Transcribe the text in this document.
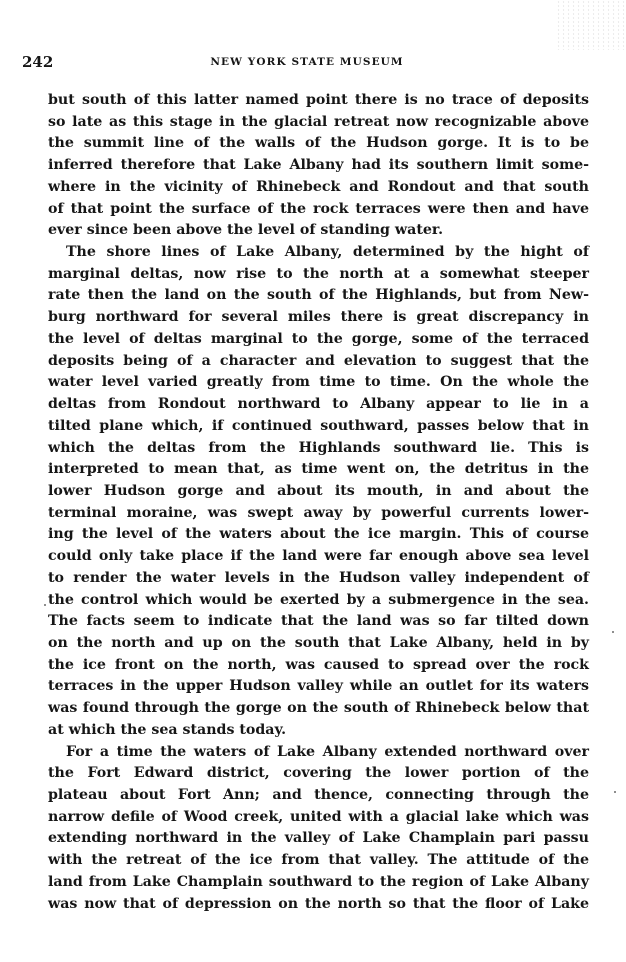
242	NEW YORK STATE MUSEUM
but south of this latter named point there is no trace of deposits
so late as this stage in the glacial retreat now recognizable above
the summit line of the walls of the Hudson gorge. It is to be
inferred therefore that Lake Albany had its southern limit some-
where in the vicinity of Rhinebeck and Rondout and that south
of that point the surface of the rock terraces were then and have
ever since been above the level of standing water.
The shore lines of Lake Albany, determined by the hight of
marginal deltas, now rise to the north at a somewhat steeper
rate then the land on the south of the Highlands, but from New-
burg northward for several miles there is great discrepancy in
the level of deltas marginal to the gorge, some of the terraced
deposits being of a character and elevation to suggest that the
water level varied greatly from time to time. On the whole the
deltas from Rondout northward to Albany appear to lie in a
tilted plane which, if continued southward, passes below that in
which the deltas from the Highlands southward lie. This is
interpreted to mean that, as time went on, the detritus in the
lower Hudson gorge and about its mouth, in and about the
terminal moraine, was swept away by powerful currents lower-
ing the level of the waters about the ice margin. This of course
could only take place if the land were far enough above sea level
to render the water levels in the Hudson valley independent of
the control which would be exerted by a submergence in the sea.
The facts seem to indicate that the land was so far tilted down
on the north and up on the south that Lake Albany, held in by
the ice front on the north, was caused to spread over the rock
terraces in the upper Hudson valley while an outlet for its waters
was found through the gorge on the south of Rhinebeck below that
at which the sea stands today.
For a time the waters of Lake Albany extended northward over
the Fort Edward district, covering the lower portion of the
plateau about Fort Ann; and thence, connecting through the
narrow defile of Wood creek, united with a glacial lake which was
extending northward in the valley of Lake Champlain pari passu
with the retreat of the ice from that valley. The attitude of the
land from Lake Champlain southward to the region of Lake Albany
was now that of depression on the north so that the floor of Lake
